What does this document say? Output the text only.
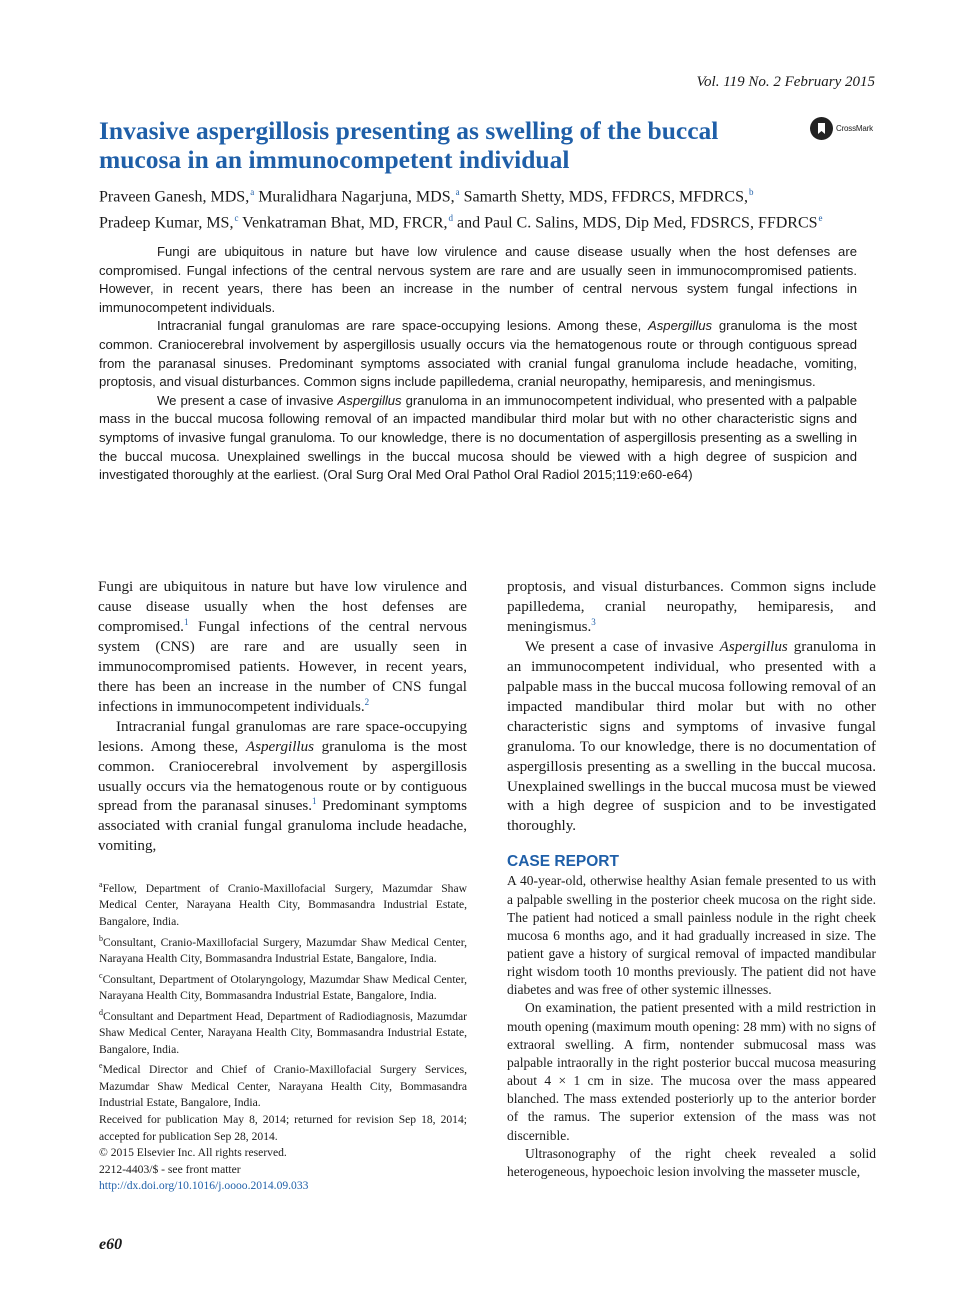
Vol. 119 No. 2 February 2015
Invasive aspergillosis presenting as swelling of the buccal mucosa in an immunocompetent individual
CrossMark
Praveen Ganesh, MDS,$^a$ Muralidhara Nagarjuna, MDS,$^a$ Samarth Shetty, MDS, FFDRCS, MFDRCS,$^b$
Pradeep Kumar, MS,$^c$ Venkatraman Bhat, MD, FRCR,$^d$ and Paul C. Salins, MDS, Dip Med, FDSRCS, FFDRCS$^e$

Fungi are ubiquitous in nature but have low virulence and cause disease usually when the host defenses are compromised. Fungal infections of the central nervous system are rare and are usually seen in immunocompromised patients. However, in recent years, there has been an increase in the number of central nervous system fungal infections in immunocompetent individuals.

Intracranial fungal granulomas are rare space-occupying lesions. Among these, Aspergillus granuloma is the most common. Craniocerebral involvement by aspergillosis usually occurs via the hematogenous route or through contiguous spread from the paranasal sinuses. Predominant symptoms associated with cranial fungal granuloma include headache, vomiting, proptosis, and visual disturbances. Common signs include papilledema, cranial neuropathy, hemiparesis, and meningismus.

We present a case of invasive Aspergillus granuloma in an immunocompetent individual, who presented with a palpable mass in the buccal mucosa following removal of an impacted mandibular third molar but with no other characteristic signs and symptoms of invasive fungal granuloma. To our knowledge, there is no documentation of aspergillosis presenting as a swelling in the buccal mucosa. Unexplained swellings in the buccal mucosa should be viewed with a high degree of suspicion and investigated thoroughly at the earliest. (Oral Surg Oral Med Oral Pathol Oral Radiol 2015;119:e60-e64)

Fungi are ubiquitous in nature but have low virulence and cause disease usually when the host defenses are compromised.$^1$ Fungal infections of the central nervous system (CNS) are rare and are usually seen in immunocompromised patients. However, in recent years, there has been an increase in the number of CNS fungal infections in immunocompetent individuals.$^2$

Intracranial fungal granulomas are rare space-occupying lesions. Among these, Aspergillus granuloma is the most common. Craniocerebral involvement by aspergillosis usually occurs via the hematogenous route or by contiguous spread from the paranasal sinuses.$^1$ Predominant symptoms associated with cranial fungal granuloma include headache, vomiting,

$^a$Fellow, Department of Cranio-Maxillofacial Surgery, Mazumdar Shaw Medical Center, Narayana Health City, Bommasandra Industrial Estate, Bangalore, India.

$^b$Consultant, Cranio-Maxillofacial Surgery, Mazumdar Shaw Medical Center, Narayana Health City, Bommasandra Industrial Estate, Bangalore, India.

$^c$Consultant, Department of Otolaryngology, Mazumdar Shaw Medical Center, Narayana Health City, Bommasandra Industrial Estate, Bangalore, India.

$^d$Consultant and Department Head, Department of Radiodiagnosis, Mazumdar Shaw Medical Center, Narayana Health City, Bommasandra Industrial Estate, Bangalore, India.

$^e$Medical Director and Chief of Cranio-Maxillofacial Surgery Services, Mazumdar Shaw Medical Center, Narayana Health City, Bommasandra Industrial Estate, Bangalore, India.

Received for publication May 8, 2014; returned for revision Sep 18, 2014; accepted for publication Sep 28, 2014.

© 2015 Elsevier Inc. All rights reserved.

2212-4403/$ - see front matter

http://dx.doi.org/10.1016/j.oooo.2014.09.033

proptosis, and visual disturbances. Common signs include papilledema, cranial neuropathy, hemiparesis, and meningismus.$^3$

We present a case of invasive Aspergillus granuloma in an immunocompetent individual, who presented with a palpable mass in the buccal mucosa following removal of an impacted mandibular third molar but with no other characteristic signs and symptoms of invasive fungal granuloma. To our knowledge, there is no documentation of aspergillosis presenting as a swelling in the buccal mucosa. Unexplained swellings in the buccal mucosa must be viewed with a high degree of suspicion and to be investigated thoroughly.

CASE REPORT

A 40-year-old, otherwise healthy Asian female presented to us with a palpable swelling in the posterior cheek mucosa on the right side. The patient had noticed a small painless nodule in the right cheek mucosa 6 months ago, and it had gradually increased in size. The patient gave a history of surgical removal of impacted mandibular right wisdom tooth 10 months previously. The patient did not have diabetes and was free of other systemic illnesses.

On examination, the patient presented with a mild restriction in mouth opening (maximum mouth opening: 28 mm) with no signs of extraoral swelling. A firm, nontender submucosal mass was palpable intraorally in the right posterior buccal mucosa measuring about 4 × 1 cm in size. The mucosa over the mass appeared blanched. The mass extended posteriorly up to the anterior border of the ramus. The superior extension of the mass was not discernible.

Ultrasonography of the right cheek revealed a solid heterogeneous, hypoechoic lesion involving the masseter muscle,

e60
